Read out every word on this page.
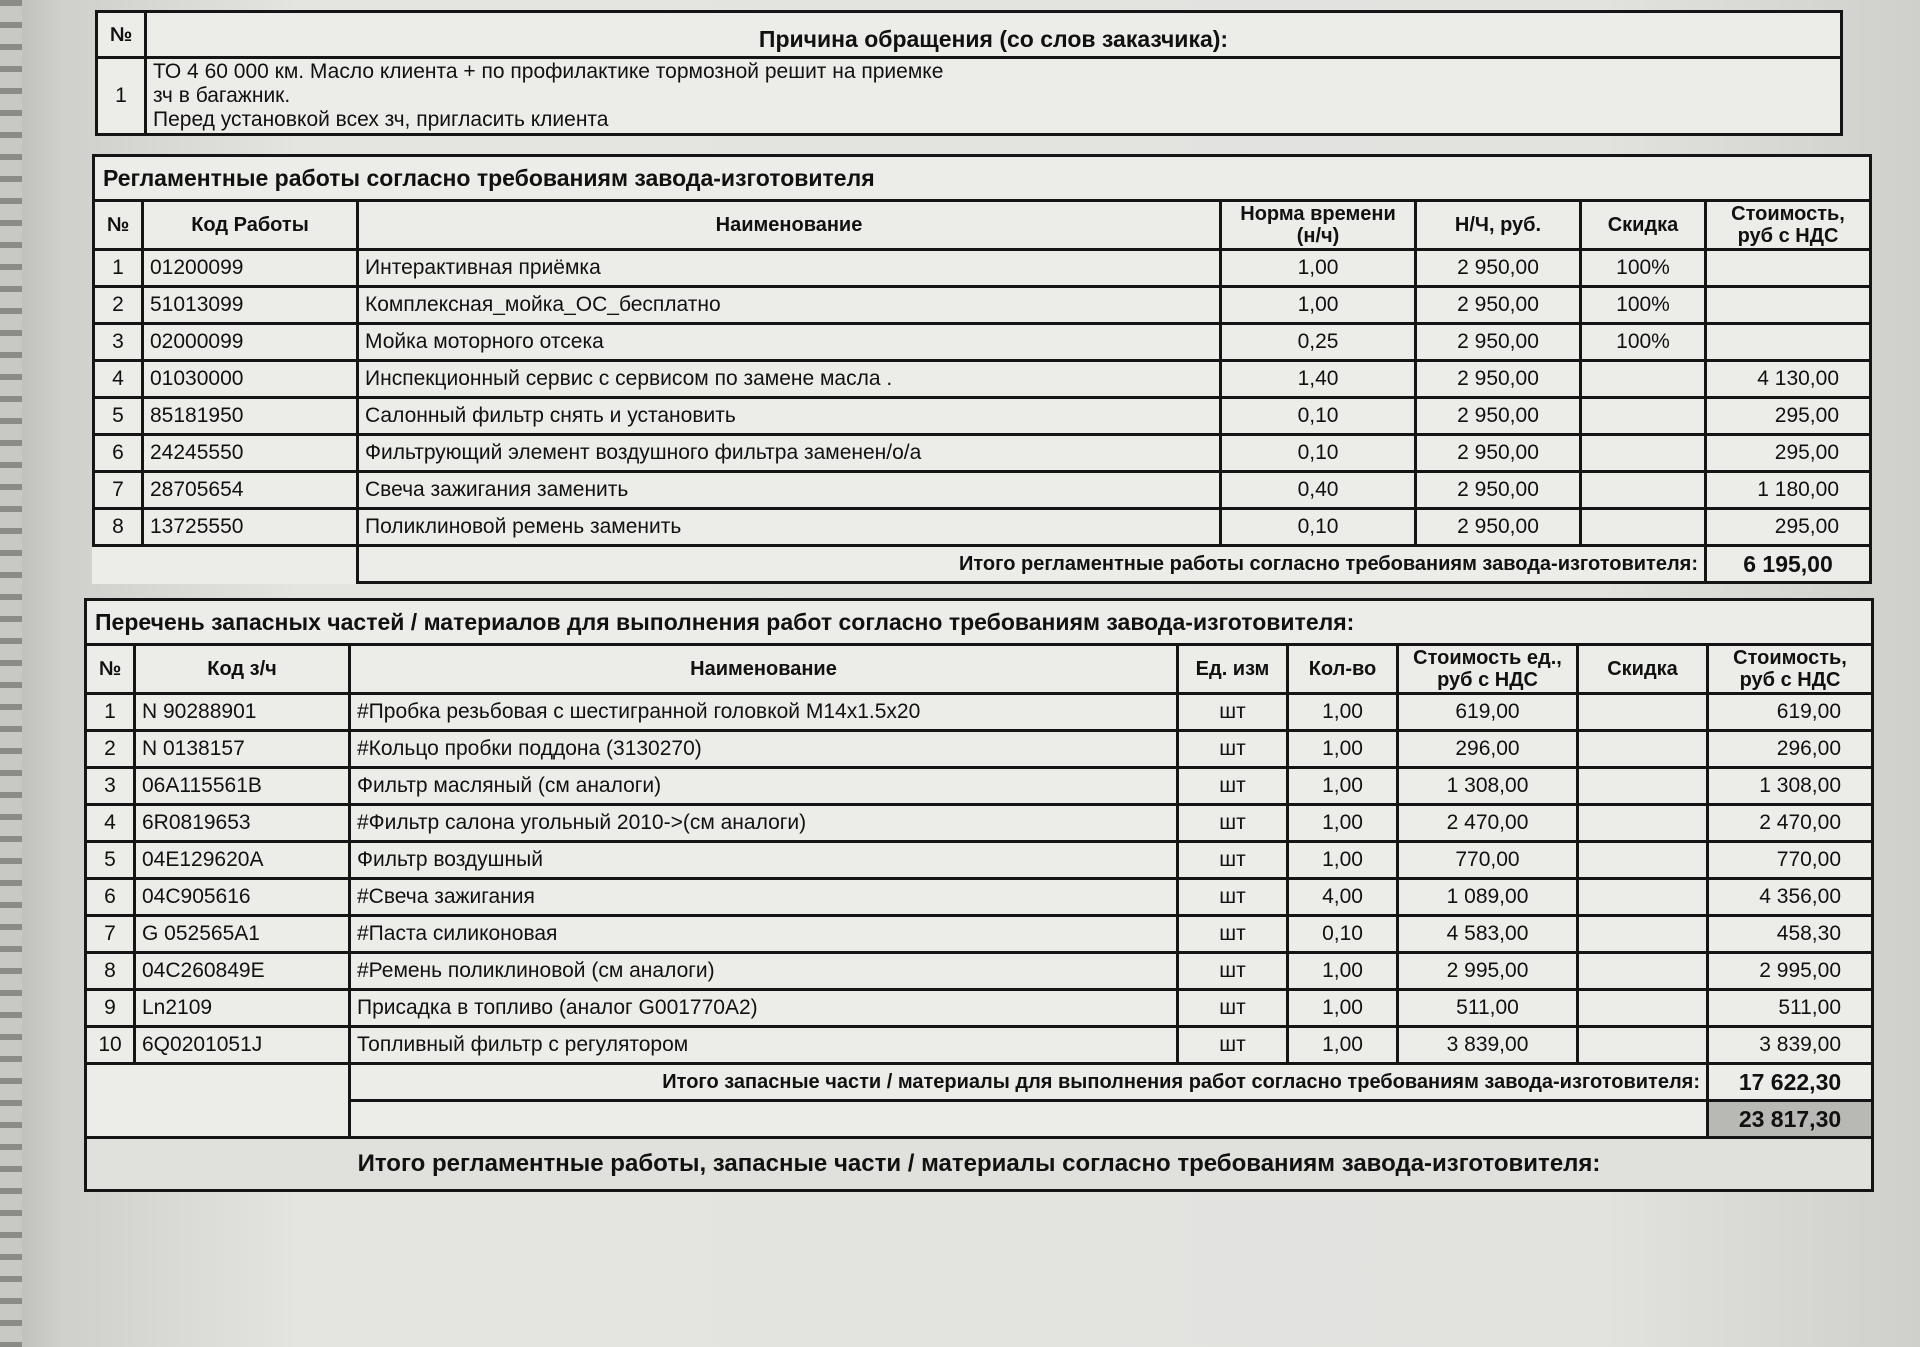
№	Причина обращения (со слов заказчика):
1	ТО 4 60 000 км. Масло клиента + по профилактике тормозной решит на приемке
зч в багажник.
Перед установкой всех зч, пригласить клиента
Регламентные работы согласно требованиям завода-изготовителя						
№	Код Работы	Наименование	Норма времени (н/ч)	Н/Ч, руб.	Скидка	Стоимость, руб с НДС
1	01200099	Интерактивная приёмка	1,00	2 950,00	100%	
2	51013099	Комплексная_мойка_ОС_бесплатно	1,00	2 950,00	100%	
3	02000099	Мойка моторного отсека	0,25	2 950,00	100%	
4	01030000	Инспекционный сервис с сервисом по замене масла .	1,40	2 950,00		4 130,00
5	85181950	Салонный фильтр снять и установить	0,10	2 950,00		295,00
6	24245550	Фильтрующий элемент воздушного фильтра заменен/о/а	0,10	2 950,00		295,00
7	28705654	Свеча зажигания заменить	0,40	2 950,00		1 180,00
8	13725550	Поликлиновой ремень заменить	0,10	2 950,00		295,00
		Итого регламентные работы согласно требованиям завода-изготовителя:				6 195,00
Перечень запасных частей / материалов для выполнения работ согласно требованиям завода-изготовителя:							
№	Код з/ч	Наименование	Ед. изм	Кол-во	Стоимость ед., руб с НДС	Скидка	Стоимость, руб с НДС
1	N 90288901	#Пробка резьбовая с шестигранной головкой M14x1.5x20	шт	1,00	619,00		619,00
2	N 0138157	#Кольцо пробки поддона (3130270)	шт	1,00	296,00		296,00
3	06A115561B	Фильтр масляный (см аналоги)	шт	1,00	1 308,00		1 308,00
4	6R0819653	#Фильтр салона угольный 2010->(см аналоги)	шт	1,00	2 470,00		2 470,00
5	04E129620A	Фильтр воздушный	шт	1,00	770,00		770,00
6	04C905616	#Свеча зажигания	шт	4,00	1 089,00		4 356,00
7	G 052565A1	#Паста силиконовая	шт	0,10	4 583,00		458,30
8	04C260849E	#Ремень поликлиновой (см аналоги)	шт	1,00	2 995,00		2 995,00
9	Ln2109	Присадка в топливо (аналог G001770A2)	шт	1,00	511,00		511,00
10	6Q0201051J	Топливный фильтр с регулятором	шт	1,00	3 839,00		3 839,00
		Итого запасные части / материалы для выполнения работ согласно требованиям завода-изготовителя:					17 622,30
							23 817,30
Итого регламентные работы, запасные части / материалы согласно требованиям завода-изготовителя:
